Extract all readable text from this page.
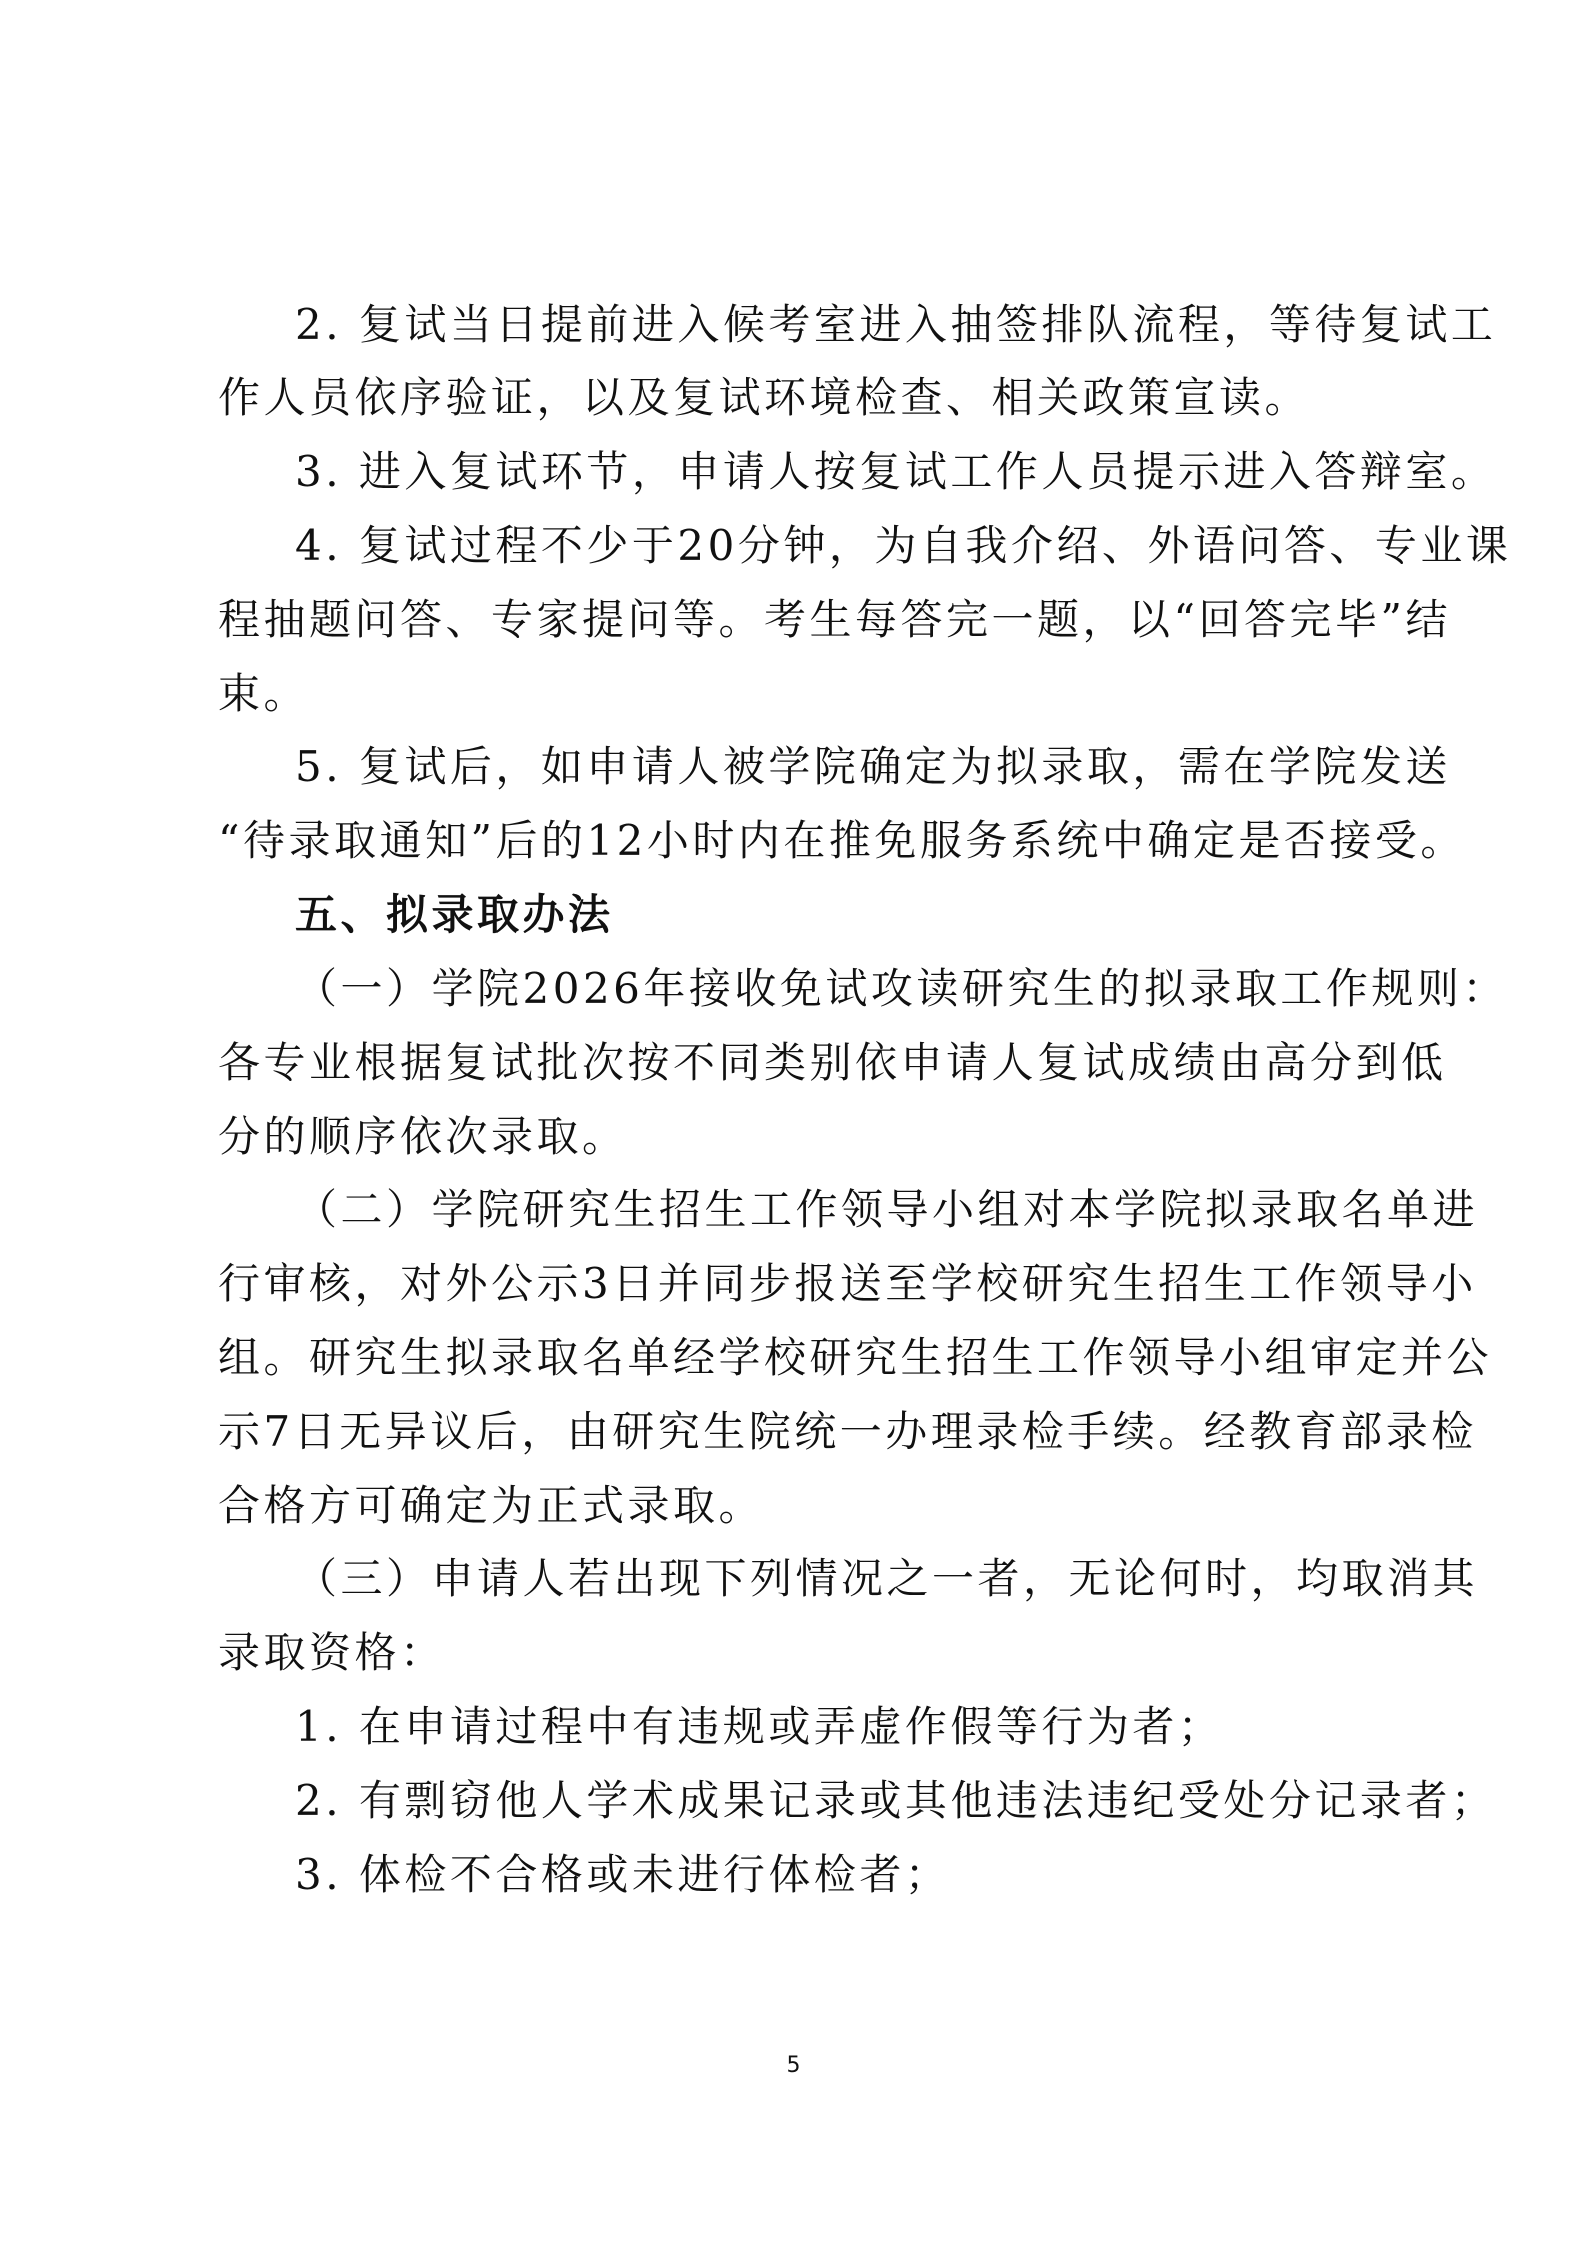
2. 复试当日提前进入候考室进入抽签排队流程，等待复试工
作人员依序验证，以及复试环境检查、相关政策宣读。
3. 进入复试环节，申请人按复试工作人员提示进入答辩室。
4. 复试过程不少于20分钟，为自我介绍、外语问答、专业课
程抽题问答、专家提问等。考生每答完一题，以“回答完毕”结
束。
5. 复试后，如申请人被学院确定为拟录取，需在学院发送
“待录取通知”后的12小时内在推免服务系统中确定是否接受。
五、拟录取办法
（一）学院2026年接收免试攻读研究生的拟录取工作规则：
各专业根据复试批次按不同类别依申请人复试成绩由高分到低
分的顺序依次录取。
（二）学院研究生招生工作领导小组对本学院拟录取名单进
行审核，对外公示3日并同步报送至学校研究生招生工作领导小
组。研究生拟录取名单经学校研究生招生工作领导小组审定并公
示7日无异议后，由研究生院统一办理录检手续。经教育部录检
合格方可确定为正式录取。
（三）申请人若出现下列情况之一者，无论何时，均取消其
录取资格：
1. 在申请过程中有违规或弄虚作假等行为者；
2. 有剽窃他人学术成果记录或其他违法违纪受处分记录者；
3. 体检不合格或未进行体检者；
5
